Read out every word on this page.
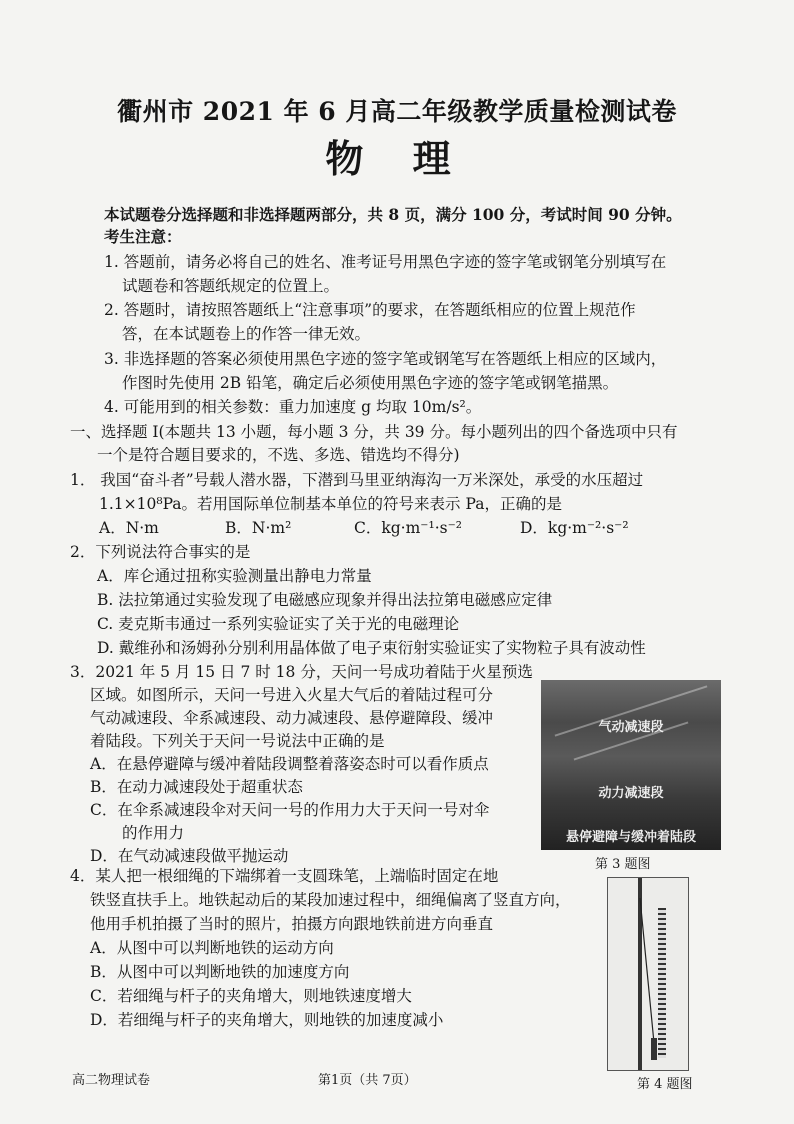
衢州市 2021 年 6 月高二年级教学质量检测试卷
物 理
本试题卷分选择题和非选择题两部分，共 8 页，满分 100 分，考试时间 90 分钟。
考生注意：
1. 答题前，请务必将自己的姓名、准考证号用黑色字迹的签字笔或钢笔分别填写在
试题卷和答题纸规定的位置上。
2. 答题时，请按照答题纸上“注意事项”的要求，在答题纸相应的位置上规范作
答，在本试题卷上的作答一律无效。
3. 非选择题的答案必须使用黑色字迹的签字笔或钢笔写在答题纸上相应的区域内，
作图时先使用 2B 铅笔，确定后必须使用黑色字迹的签字笔或钢笔描黑。
4. 可能用到的相关参数：重力加速度 g 均取 10m/s²。
一、选择题 I(本题共 13 小题，每小题 3 分，共 39 分。每小题列出的四个备选项中只有
一个是符合题目要求的，不选、多选、错选均不得分)
1． 我国“奋斗者”号载人潜水器，下潜到马里亚纳海沟一万米深处，承受的水压超过
1.1×10⁸Pa。若用国际单位制基本单位的符号来表示 Pa，正确的是
A．N·m	B．N·m²	C．kg·m⁻¹·s⁻²	D．kg·m⁻²·s⁻²
2．下列说法符合事实的是
A．库仑通过扭称实验测量出静电力常量
B. 法拉第通过实验发现了电磁感应现象并得出法拉第电磁感应定律
C. 麦克斯韦通过一系列实验证实了关于光的电磁理论
D. 戴维孙和汤姆孙分别利用晶体做了电子束衍射实验证实了实物粒子具有波动性
3．2021 年 5 月 15 日 7 时 18 分，天问一号成功着陆于火星预选
区域。如图所示，天问一号进入火星大气后的着陆过程可分
气动减速段、伞系减速段、动力减速段、悬停避障段、缓冲
着陆段。下列关于天问一号说法中正确的是
A．在悬停避障与缓冲着陆段调整着落姿态时可以看作质点
B．在动力减速段处于超重状态
C．在伞系减速段伞对天问一号的作用力大于天问一号对伞
的作用力
D．在气动减速段做平抛运动
气动减速段
动力减速段
悬停避障与缓冲着陆段
第 3 题图
4．某人把一根细绳的下端绑着一支圆珠笔，上端临时固定在地
铁竖直扶手上。地铁起动后的某段加速过程中，细绳偏离了竖直方向，
他用手机拍摄了当时的照片，拍摄方向跟地铁前进方向垂直
A．从图中可以判断地铁的运动方向
B．从图中可以判断地铁的加速度方向
C．若细绳与杆子的夹角增大，则地铁速度增大
D．若细绳与杆子的夹角增大，则地铁的加速度减小
第 4 题图
高二物理试卷	第1页（共 7页）
